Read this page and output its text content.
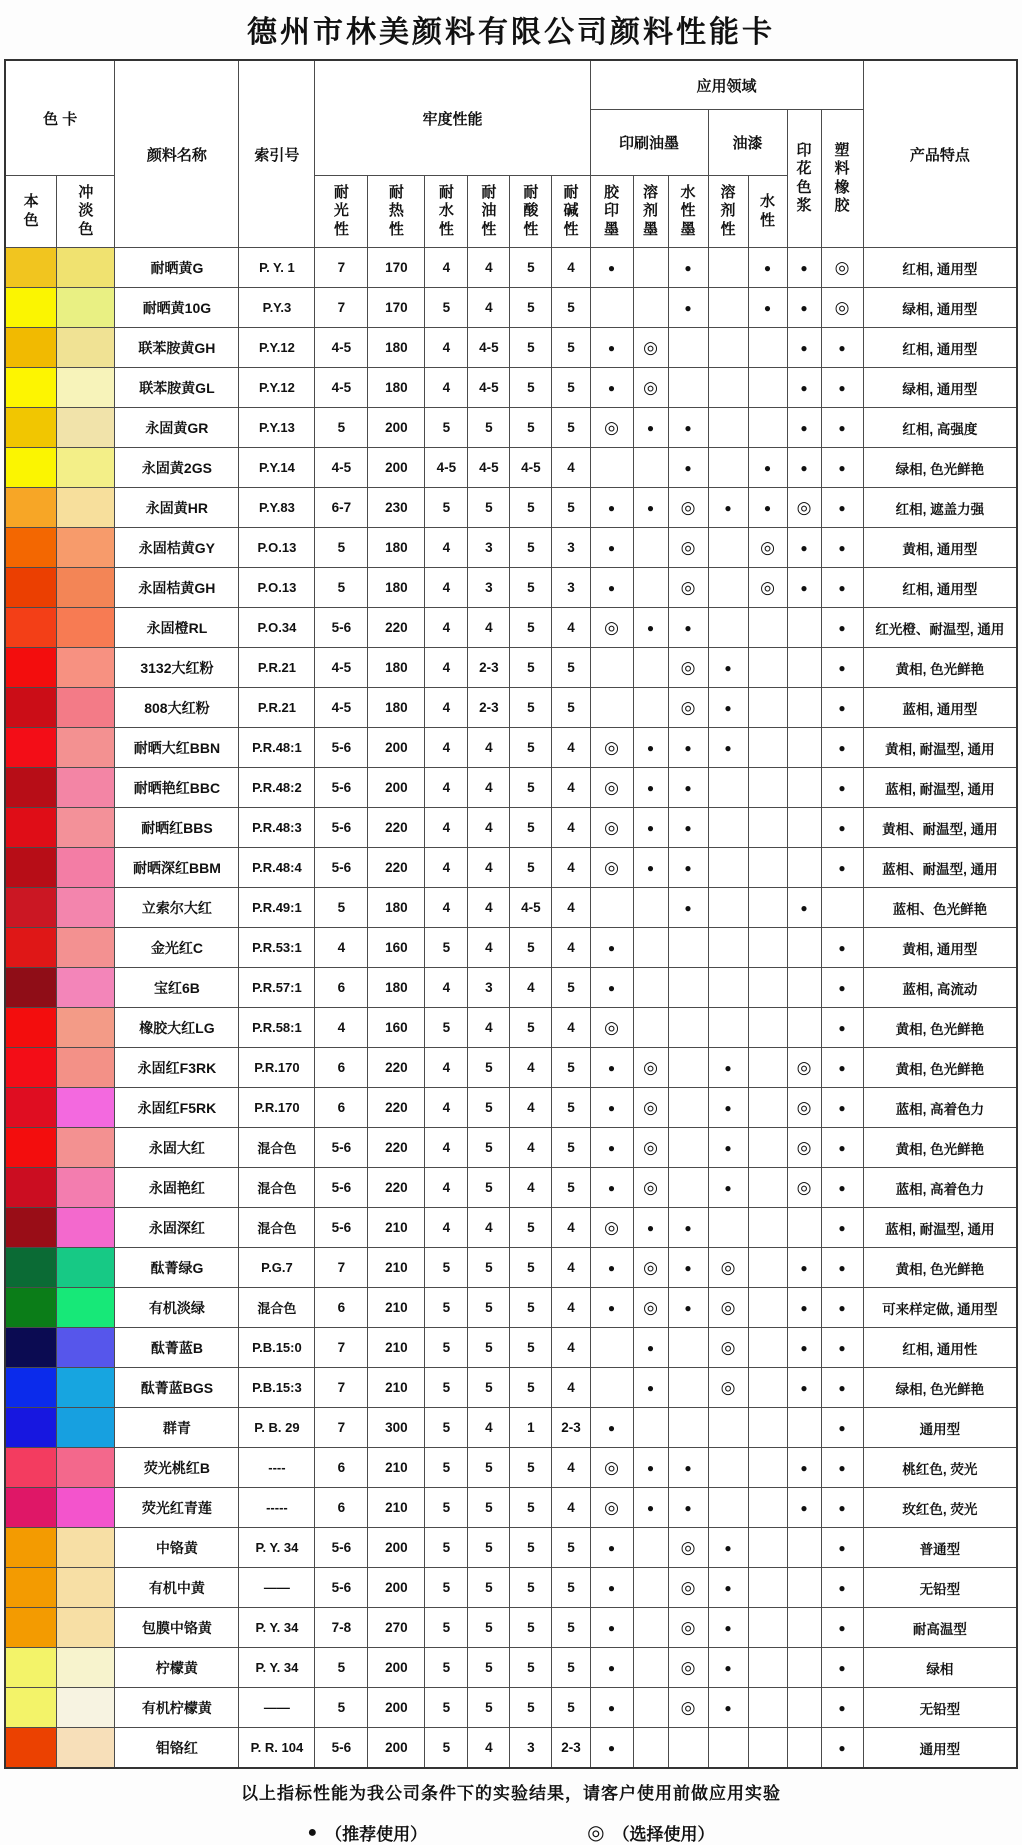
德州市林美颜料有限公司颜料性能卡
色 卡		颜料名称	索引号	牢度性能						应用领域							产品特点
										印刷油墨			油漆		印花色浆	塑料橡胶	

本色	冲淡色			耐光性	耐热性	耐水性	耐油性	耐酸性	耐碱性	胶印墨	溶剂墨	水性墨	溶剂性	水性			

		耐晒黄G	P. Y. 1	7	170	4	4	5	4	●		●		●	●	◎	红相, 通用型
		耐晒黄10G	P.Y.3	7	170	5	4	5	5			●		●	●	◎	绿相, 通用型
		联苯胺黄GH	P.Y.12	4-5	180	4	4-5	5	5	●	◎				●	●	红相, 通用型
		联苯胺黄GL	P.Y.12	4-5	180	4	4-5	5	5	●	◎				●	●	绿相, 通用型
		永固黄GR	P.Y.13	5	200	5	5	5	5	◎	●	●			●	●	红相, 高强度
		永固黄2GS	P.Y.14	4-5	200	4-5	4-5	4-5	4			●		●	●	●	绿相, 色光鲜艳
		永固黄HR	P.Y.83	6-7	230	5	5	5	5	●	●	◎	●	●	◎	●	红相, 遮盖力强
		永固桔黄GY	P.O.13	5	180	4	3	5	3	●		◎		◎	●	●	黄相, 通用型
		永固桔黄GH	P.O.13	5	180	4	3	5	3	●		◎		◎	●	●	红相, 通用型
		永固橙RL	P.O.34	5-6	220	4	4	5	4	◎	●	●				●	红光橙、耐温型, 通用
		3132大红粉	P.R.21	4-5	180	4	2-3	5	5			◎	●			●	黄相, 色光鲜艳
		808大红粉	P.R.21	4-5	180	4	2-3	5	5			◎	●			●	蓝相, 通用型
		耐晒大红BBN	P.R.48:1	5-6	200	4	4	5	4	◎	●	●	●			●	黄相, 耐温型, 通用
		耐晒艳红BBC	P.R.48:2	5-6	200	4	4	5	4	◎	●	●				●	蓝相, 耐温型, 通用
		耐晒红BBS	P.R.48:3	5-6	220	4	4	5	4	◎	●	●				●	黄相、耐温型, 通用
		耐晒深红BBM	P.R.48:4	5-6	220	4	4	5	4	◎	●	●				●	蓝相、耐温型, 通用
		立索尔大红	P.R.49:1	5	180	4	4	4-5	4			●			●		蓝相、色光鲜艳
		金光红C	P.R.53:1	4	160	5	4	5	4	●						●	黄相, 通用型
		宝红6B	P.R.57:1	6	180	4	3	4	5	●						●	蓝相, 高流动
		橡胶大红LG	P.R.58:1	4	160	5	4	5	4	◎						●	黄相, 色光鲜艳
		永固红F3RK	P.R.170	6	220	4	5	4	5	●	◎		●		◎	●	黄相, 色光鲜艳
		永固红F5RK	P.R.170	6	220	4	5	4	5	●	◎		●		◎	●	蓝相, 高着色力
		永固大红	混合色	5-6	220	4	5	4	5	●	◎		●		◎	●	黄相, 色光鲜艳
		永固艳红	混合色	5-6	220	4	5	4	5	●	◎		●		◎	●	蓝相, 高着色力
		永固深红	混合色	5-6	210	4	4	5	4	◎	●	●				●	蓝相, 耐温型, 通用
		酞菁绿G	P.G.7	7	210	5	5	5	4	●	◎	●	◎		●	●	黄相, 色光鲜艳
		有机淡绿	混合色	6	210	5	5	5	4	●	◎	●	◎		●	●	可来样定做, 通用型
		酞菁蓝B	P.B.15:0	7	210	5	5	5	4		●		◎		●	●	红相, 通用性
		酞菁蓝BGS	P.B.15:3	7	210	5	5	5	4		●		◎		●	●	绿相, 色光鲜艳
		群青	P. B. 29	7	300	5	4	1	2-3	●						●	通用型
		荧光桃红B	----	6	210	5	5	5	4	◎	●	●			●	●	桃红色, 荧光
		荧光红青莲	-----	6	210	5	5	5	4	◎	●	●			●	●	玫红色, 荧光
		中铬黄	P. Y. 34	5-6	200	5	5	5	5	●		◎	●			●	普通型
		有机中黄	——	5-6	200	5	5	5	5	●		◎	●			●	无铅型
		包膜中铬黄	P. Y. 34	7-8	270	5	5	5	5	●		◎	●			●	耐高温型
		柠檬黄	P. Y. 34	5	200	5	5	5	5	●		◎	●			●	绿相
		有机柠檬黄	——	5	200	5	5	5	5	●		◎	●			●	无铅型
		钼铬红	P. R. 104	5-6	200	5	4	3	2-3	●						●	通用型
以上指标性能为我公司条件下的实验结果，请客户使用前做应用实验
● （推荐使用）	◎ （选择使用）
